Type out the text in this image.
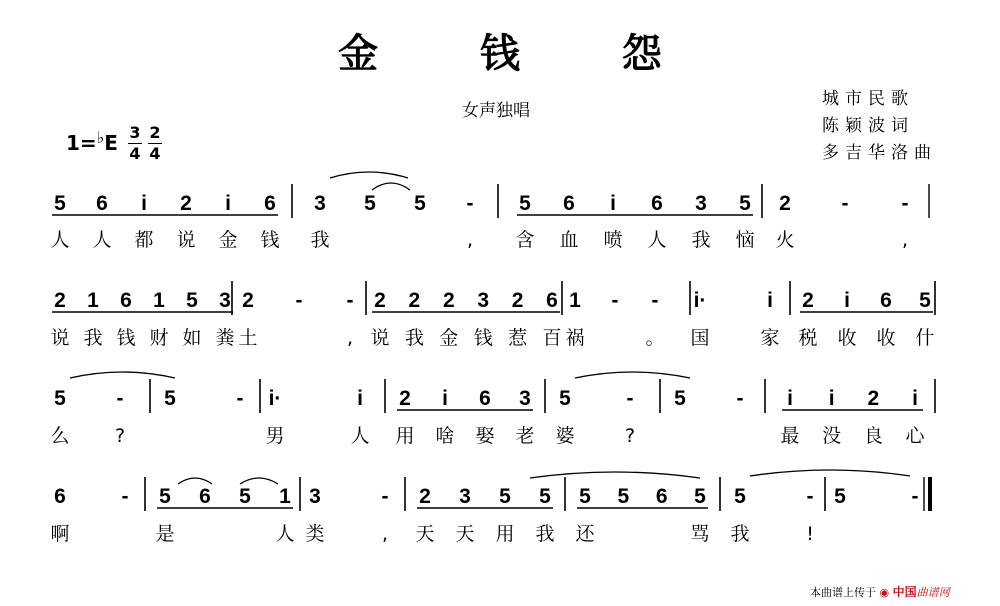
金 钱 怨
女声独唱
城市民歌
陈颖波词
多吉华洛曲
1=♭E 3
4
2
4
5 6 i 2 i 6
人 人 都 说 金 钱
3 5 5 -
我	,
5 6 i 6 3 5
含 血 喷 人 我 恼
2 -	-
火	,
2 1 6 1 5 3
说 我 钱 财 如 粪
2 - -
土	,
2 2 2 3 2 6
说 我 金 钱 惹 百
1 - -
祸	。
i·	i
国	家
2 i 6 5
税 收 收 什
5 -
么 ?
5	- i·	i
男	人
2 i 6 3
用 啥 娶 老
5	-
婆	?
5 - i i 2 i
最 没 良 心
6	-
啊
5 6 5 1
是	人
3	-
类	,
2 3 5 5
天 天 用 我
5 5 6 5
还	骂
5	-
我	!
5	-
本曲谱上传于 ◉ 中国曲谱网
